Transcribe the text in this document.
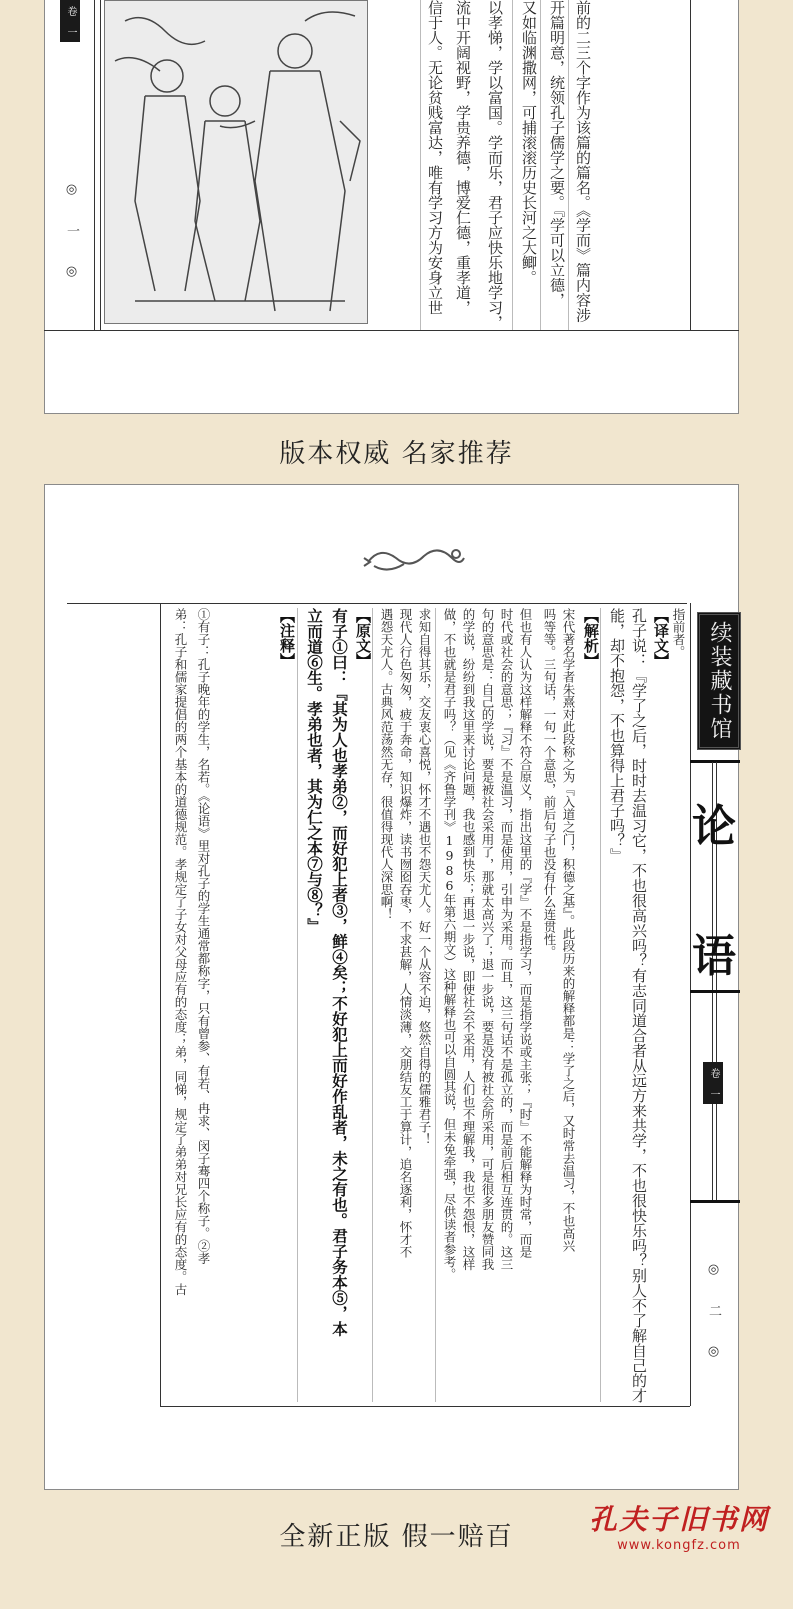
卷 一
◎ 一 ◎	信于人。无论贫贱富达，唯有学习方为安身立世 流中开阔视野，学贵养德，博爱仁德，重孝道， 以孝悌，学以富国。学而乐，君子应快乐地学习， 又如临渊撒网，可捕滚滚历史长河之大鲫。 开篇明意，统领孔子儒学之要。『学可以立德， 前的二三个字作为该篇的篇名。《学而》篇内容涉
版本权威 名家推荐
续装藏书馆
论
语
卷 一
◎ 二 ◎
指前者。
【译文】
孔子说：『学了之后，时时去温习它，不也很高兴吗？有志同道合者从远方来共学，不也很快乐吗？别人不了解自己的才
能，却不抱怨，不也算得上君子吗？』
【解析】
宋代著名学者朱熹对此段称之为『入道之门，积德之基』。此段历来的解释都是：学了之后，又时常去温习，不也高兴
吗等等。三句话，一句一个意思，前后句子也没有什么连贯性。
但也有人认为这样解释不符合原义，指出这里的『学』不是指学习，而是指学说或主张；『时』不能解释为时常，而是
时代或社会的意思；『习』不是温习，而是使用，引申为采用。而且，这三句话不是孤立的，而是前后相互连贯的。这三
句的意思是：自己的学说，要是被社会采用了，那就太高兴了；退一步说，要是没有被社会所采用，可是很多朋友赞同我
的学说，纷纷到我这里来讨论问题，我也感到快乐；再退一步说，即使社会不采用，人们也不理解我，我也不怨恨，这样
做，不也就是君子吗？（见《齐鲁学刊》1986年第六期文）这种解释也可以自圆其说，但未免牵强，尽供读者参考。
求知自得其乐，交友衷心喜悦，怀才不遇也不怨天尤人。好一个从容不迫，悠然自得的儒雅君子！
现代人行色匆匆，疲于奔命，知识爆炸，读书囫囵吞枣，不求甚解，人情淡薄，交朋结友工于算计，追名逐利，怀才不
遇怨天尤人。古典风范荡然无存，很值得现代人深思啊！
【原文】
有子①曰：『其为人也孝弟②，而好犯上者③，鲜④矣；不好犯上而好作乱者，未之有也。君子务本⑤，本
立而道⑥生。孝弟也者，其为仁之本⑦与⑧？』
【注释】
①有子：孔子晚年的学生，名若。《论语》里对孔子的学生通常都称字，只有曾参、有若、冉求、闵子骞四个称子。②孝
弟：孔子和儒家提倡的两个基本的道德规范。孝规定了子女对父母应有的态度；弟，同悌，规定了弟弟对兄长应有的态度。古
全新正版 假一赔百
孔夫子旧书网
www.kongfz.com
